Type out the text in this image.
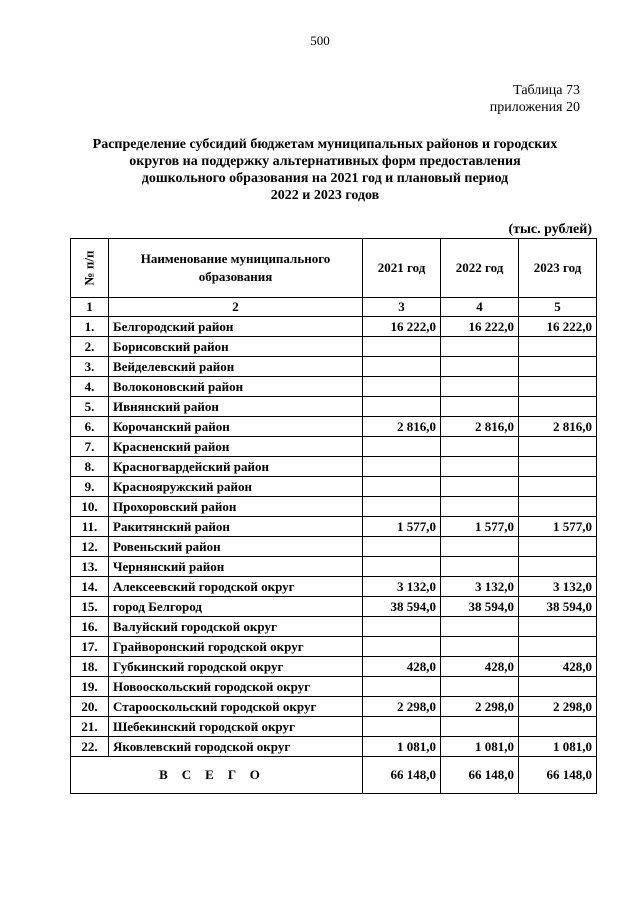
500
Таблица 73
приложения 20
Распределение субсидий бюджетам муниципальных районов и городских
округов на поддержку альтернативных форм предоставления
дошкольного образования на 2021 год и плановый период
2022 и 2023 годов
(тыс. рублей)
№ п/п	Наименование муниципального образования	2021 год	2022 год	2023 год
1	2	3	4	5
1.	Белгородский район	16 222,0	16 222,0	16 222,0
2.	Борисовский район			
3.	Вейделевский район			
4.	Волоконовский район			
5.	Ивнянский район			
6.	Корочанский район	2 816,0	2 816,0	2 816,0
7.	Красненский район			
8.	Красногвардейский район			
9.	Краснояружский район			
10.	Прохоровский район			
11.	Ракитянский район	1 577,0	1 577,0	1 577,0
12.	Ровеньский район			
13.	Чернянский район			
14.	Алексеевский городской округ	3 132,0	3 132,0	3 132,0
15.	город Белгород	38 594,0	38 594,0	38 594,0
16.	Валуйский городской округ			
17.	Грайворонский городской округ			
18.	Губкинский городской округ	428,0	428,0	428,0
19.	Новооскольский городской округ			
20.	Старооскольский городской округ	2 298,0	2 298,0	2 298,0
21.	Шебекинский городской округ			
22.	Яковлевский городской округ	1 081,0	1 081,0	1 081,0
ВСЕГО		66 148,0	66 148,0	66 148,0
